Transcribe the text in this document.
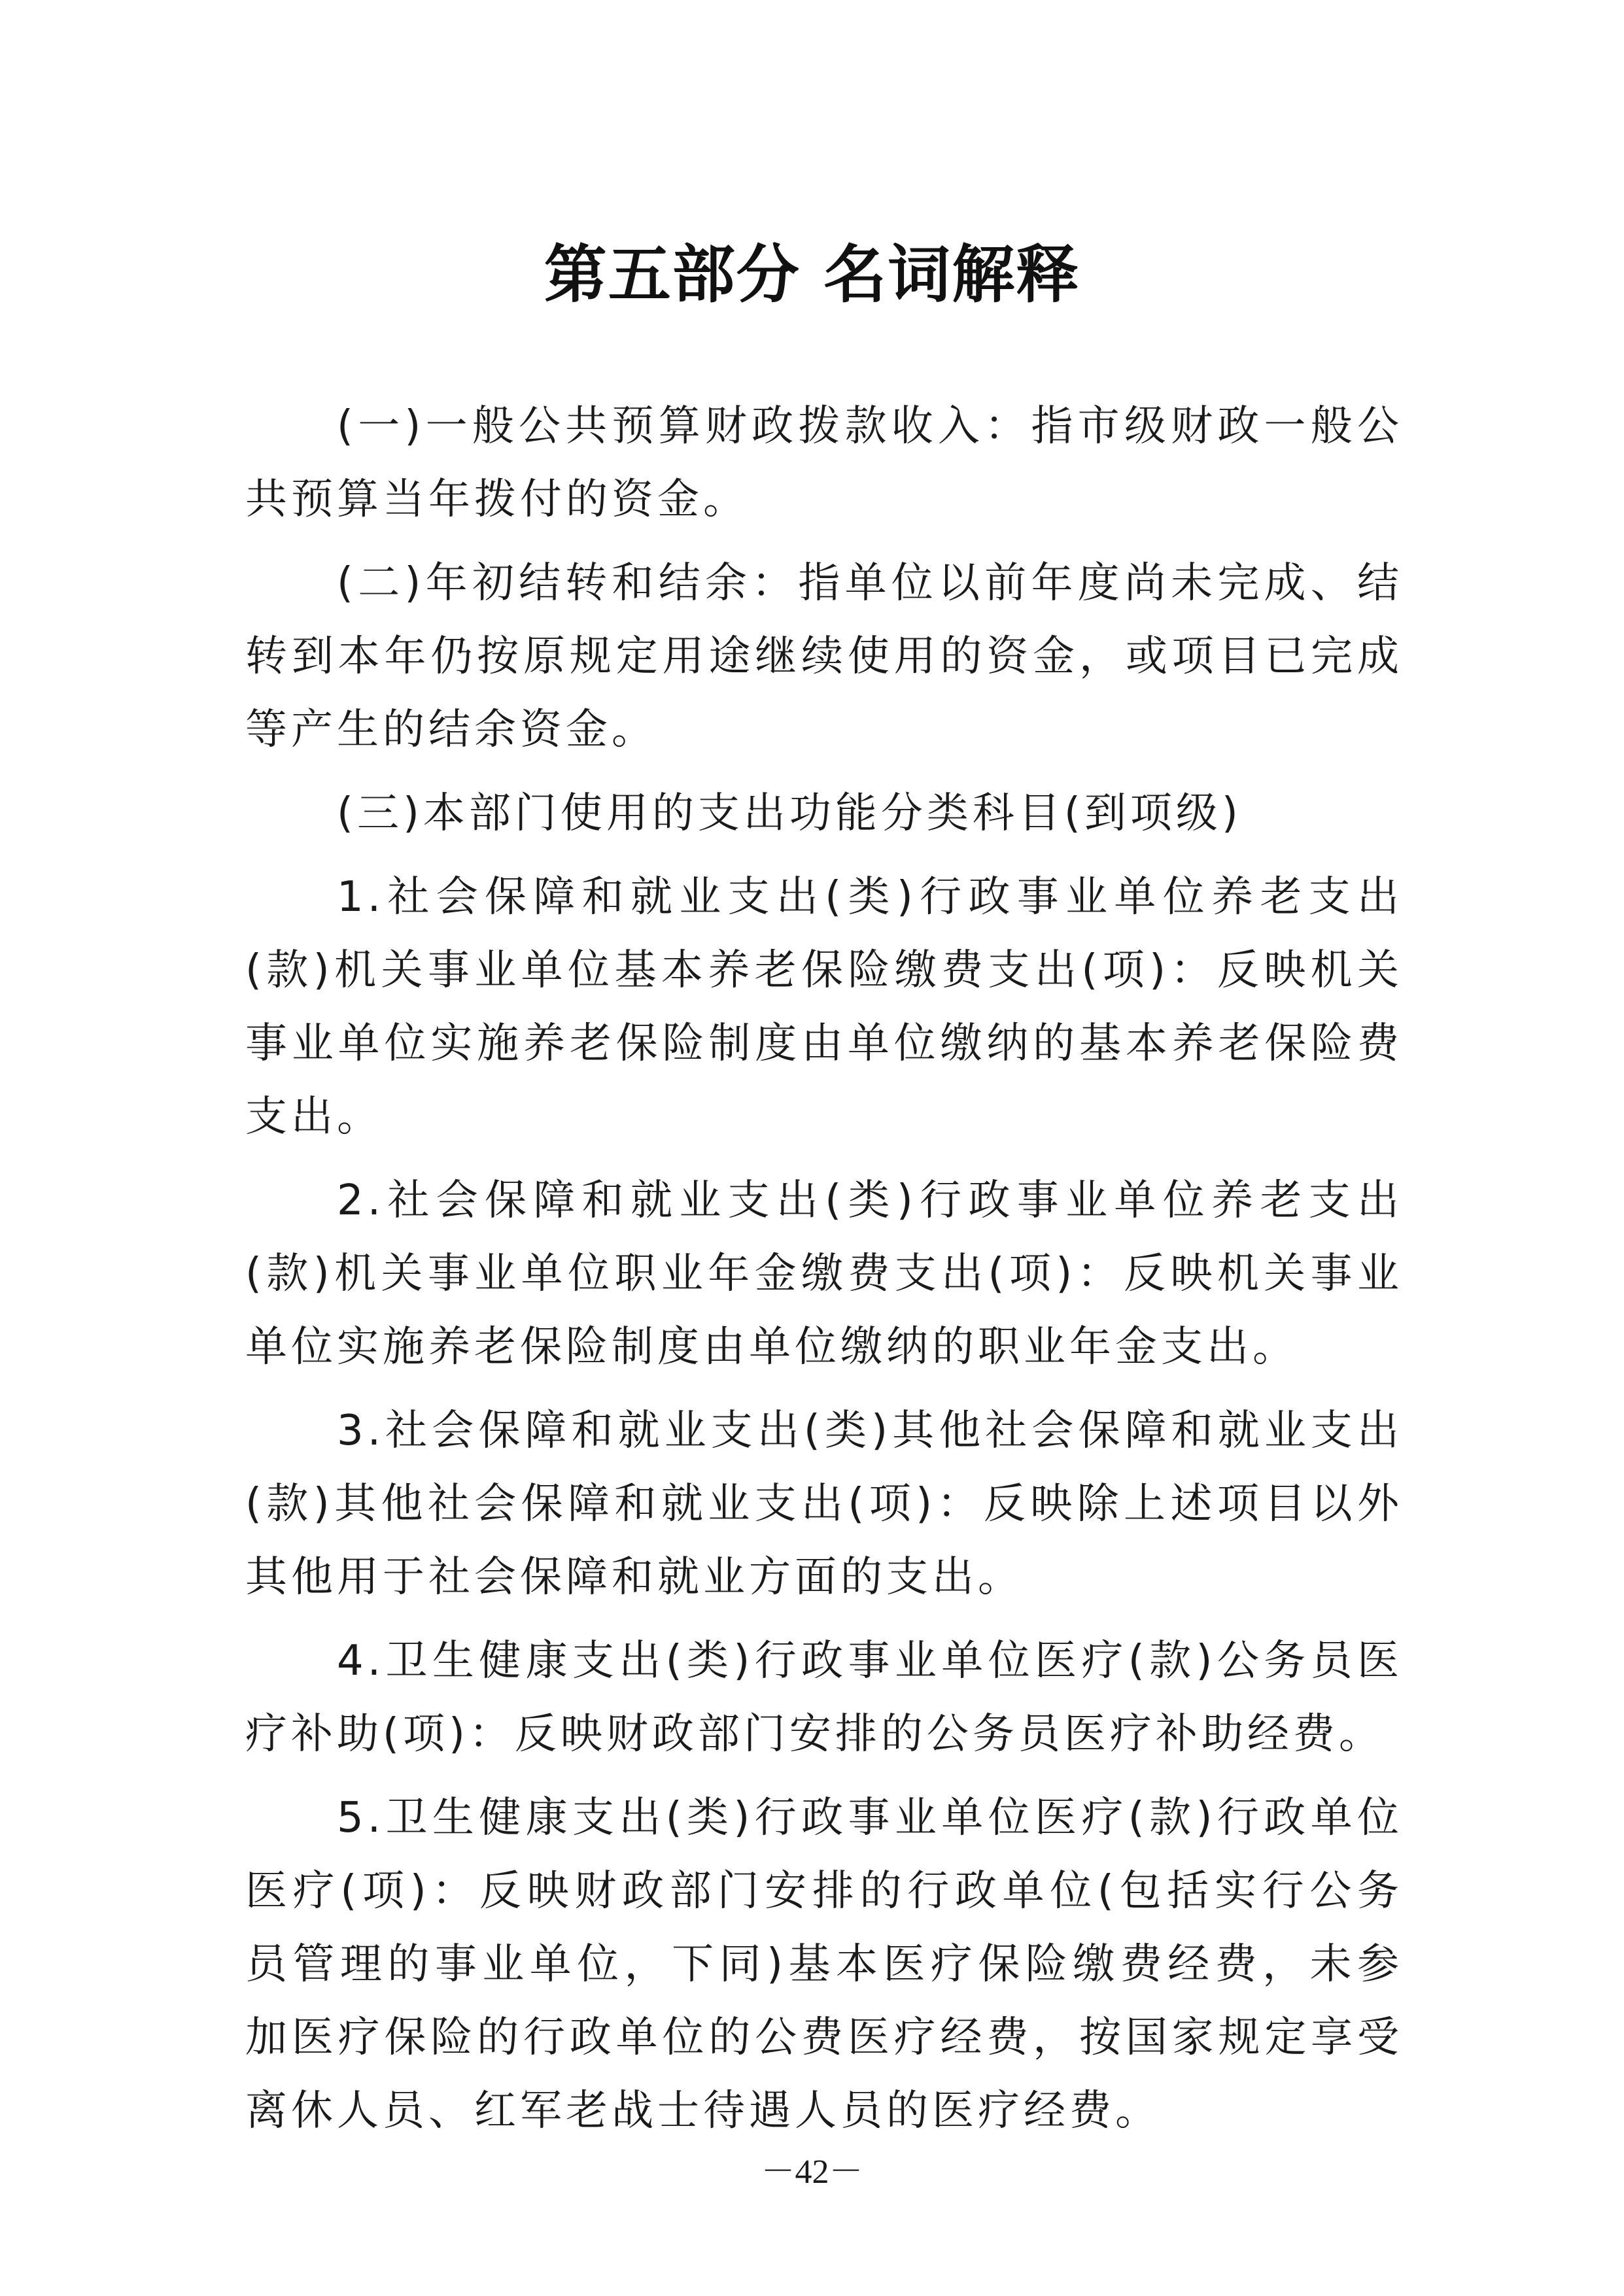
第五部分 名词解释

(一)一般公共预算财政拨款收入：指市级财政一般公共预算当年拨付的资金。

(二)年初结转和结余：指单位以前年度尚未完成、结转到本年仍按原规定用途继续使用的资金，或项目已完成等产生的结余资金。

(三)本部门使用的支出功能分类科目(到项级)

1.社会保障和就业支出(类)行政事业单位养老支出(款)机关事业单位基本养老保险缴费支出(项)：反映机关事业单位实施养老保险制度由单位缴纳的基本养老保险费支出。

2.社会保障和就业支出(类)行政事业单位养老支出(款)机关事业单位职业年金缴费支出(项)：反映机关事业单位实施养老保险制度由单位缴纳的职业年金支出。

3.社会保障和就业支出(类)其他社会保障和就业支出(款)其他社会保障和就业支出(项)：反映除上述项目以外其他用于社会保障和就业方面的支出。

4.卫生健康支出(类)行政事业单位医疗(款)公务员医疗补助(项)：反映财政部门安排的公务员医疗补助经费。

5.卫生健康支出(类)行政事业单位医疗(款)行政单位医疗(项)：反映财政部门安排的行政单位(包括实行公务员管理的事业单位，下同)基本医疗保险缴费经费，未参加医疗保险的行政单位的公费医疗经费，按国家规定享受离休人员、红军老战士待遇人员的医疗经费。

－42－
